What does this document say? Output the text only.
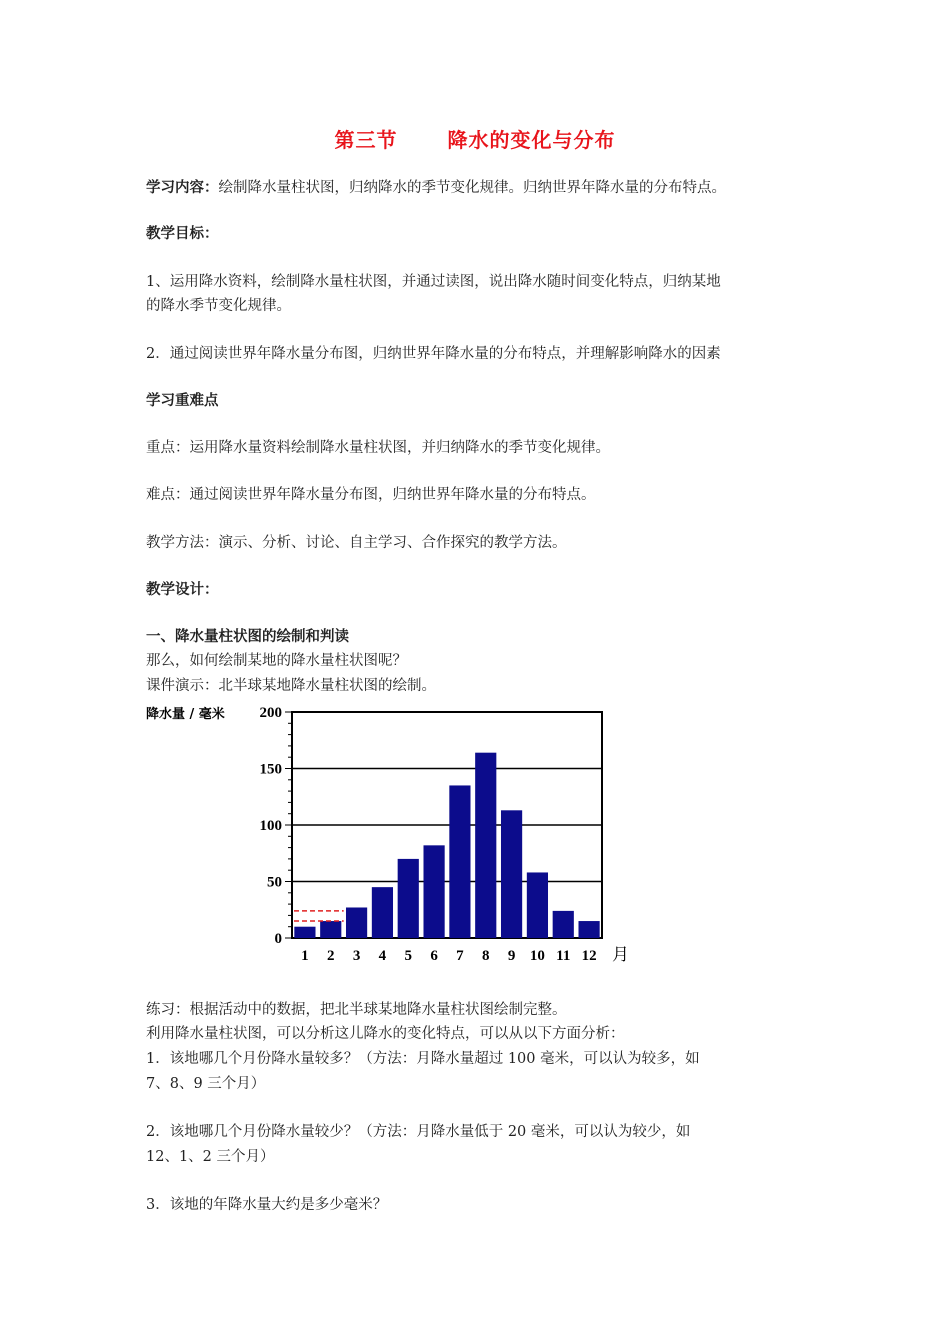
第三节	降水的变化与分布
学习内容：绘制降水量柱状图，归纳降水的季节变化规律。归纳世界年降水量的分布特点。
教学目标：
1、运用降水资料，绘制降水量柱状图，并通过读图，说出降水随时间变化特点，归纳某地
的降水季节变化规律。
2．通过阅读世界年降水量分布图，归纳世界年降水量的分布特点，并理解影响降水的因素
学习重难点
重点：运用降水量资料绘制降水量柱状图，并归纳降水的季节变化规律。
难点：通过阅读世界年降水量分布图，归纳世界年降水量的分布特点。
教学方法：演示、分析、讨论、自主学习、合作探究的教学方法。
教学设计：
一、降水量柱状图的绘制和判读
那么，如何绘制某地的降水量柱状图呢？
课件演示：北半球某地降水量柱状图的绘制。
0
50
100
150
200
降水量 / 毫米
1 2 3 4 5 6 7 8 9 10 11 12 月
练习：根据活动中的数据，把北半球某地降水量柱状图绘制完整。
利用降水量柱状图，可以分析这儿降水的变化特点，可以从以下方面分析：
1．该地哪几个月份降水量较多？（方法：月降水量超过 100 毫米，可以认为较多，如
7、8、9 三个月）
2．该地哪几个月份降水量较少？（方法：月降水量低于 20 毫米，可以认为较少，如
12、1、2 三个月）
3．该地的年降水量大约是多少毫米？
